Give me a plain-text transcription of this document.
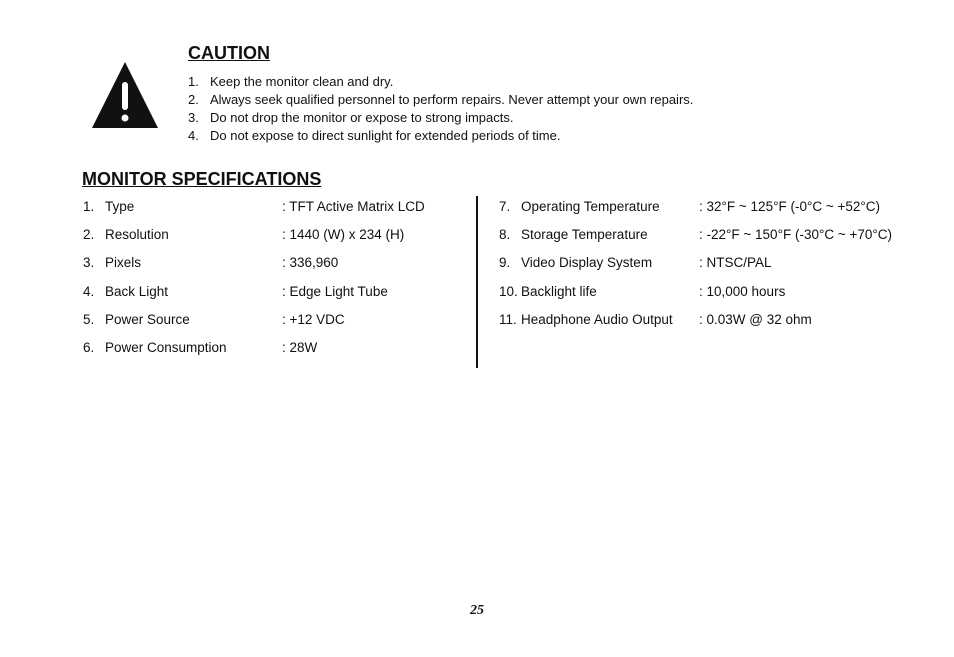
CAUTION
1. Keep the monitor clean and dry.
2. Always seek qualified personnel to perform repairs. Never attempt your own repairs.
3. Do not drop the monitor or expose to strong impacts.
4. Do not expose to direct sunlight for extended periods of time.
MONITOR SPECIFICATIONS
1. Type	: TFT Active Matrix LCD
2. Resolution	: 1440 (W) x 234 (H)
3. Pixels	: 336,960
4. Back Light	: Edge Light Tube
5. Power Source	: +12 VDC
6. Power Consumption	: 28W
7. Operating Temperature	: 32°F ~ 125°F (-0°C ~ +52°C)
8. Storage Temperature	: -22°F ~ 150°F (-30°C ~ +70°C)
9. Video Display System	: NTSC/PAL
10. Backlight life	: 10,000 hours
11. Headphone Audio Output : 0.03W @ 32 ohm
25
